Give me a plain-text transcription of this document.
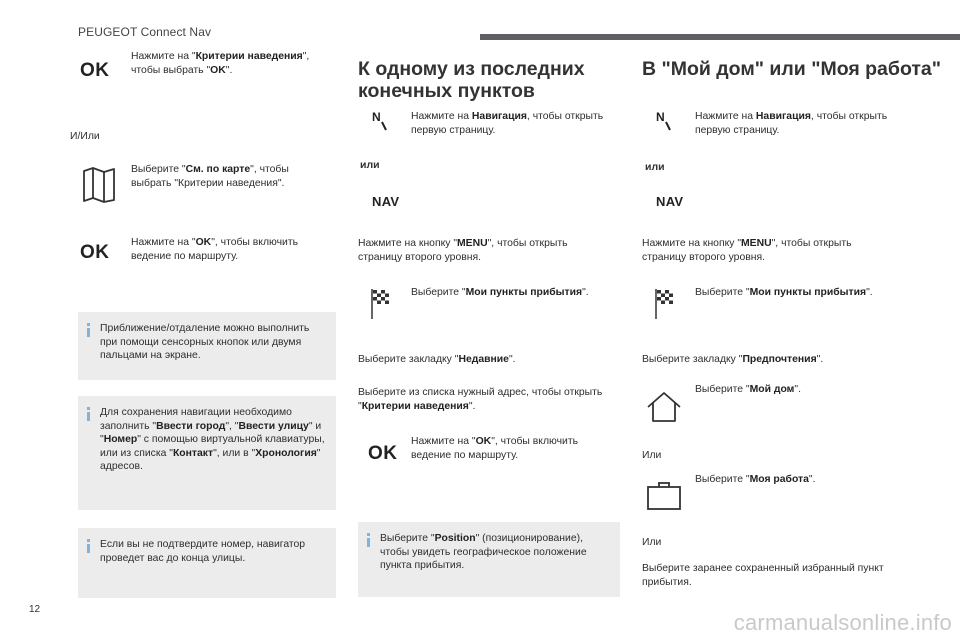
PEUGEOT Connect Nav
OK
Нажмите на "Критерии наведения", чтобы выбрать "OK".
И/Или
Выберите "См. по карте", чтобы выбрать "Критерии наведения".
OK Нажмите на "OK", чтобы включить ведение по маршруту.
Приближение/отдаление можно выполнить при помощи сенсорных кнопок или двумя пальцами на экране.
Для сохранения навигации необходимо заполнить "Ввести город", "Ввести улицу" и "Номер" с помощью виртуальной клавиатуры, или из списка "Контакт", или в "Хронология" адресов.
Если вы не подтвердите номер, навигатор проведет вас до конца улицы.
К одному из последних
конечных пунктов
N	Нажмите на Навигация, чтобы открыть первую страницу.
или
NAV
Нажмите на кнопку "MENU", чтобы открыть страницу второго уровня.
Выберите "Мои пункты прибытия".
Выберите закладку "Недавние".
Выберите из списка нужный адрес, чтобы открыть "Критерии наведения".
OK
Нажмите на "OK", чтобы включить ведение по маршруту.
Выберите "Position" (позиционирование), чтобы увидеть географическое положение пункта прибытия.
В "Мой дом" или "Моя работа"
N	Нажмите на Навигация, чтобы открыть первую страницу.
или
NAV
Нажмите на кнопку "MENU", чтобы открыть страницу второго уровня.
Выберите "Мои пункты прибытия".
Выберите закладку "Предпочтения".
Выберите "Мой дом".
Или
Выберите "Моя работа".
Или
Выберите заранее сохраненный избранный пункт прибытия.
12
carmanualsonline.info
